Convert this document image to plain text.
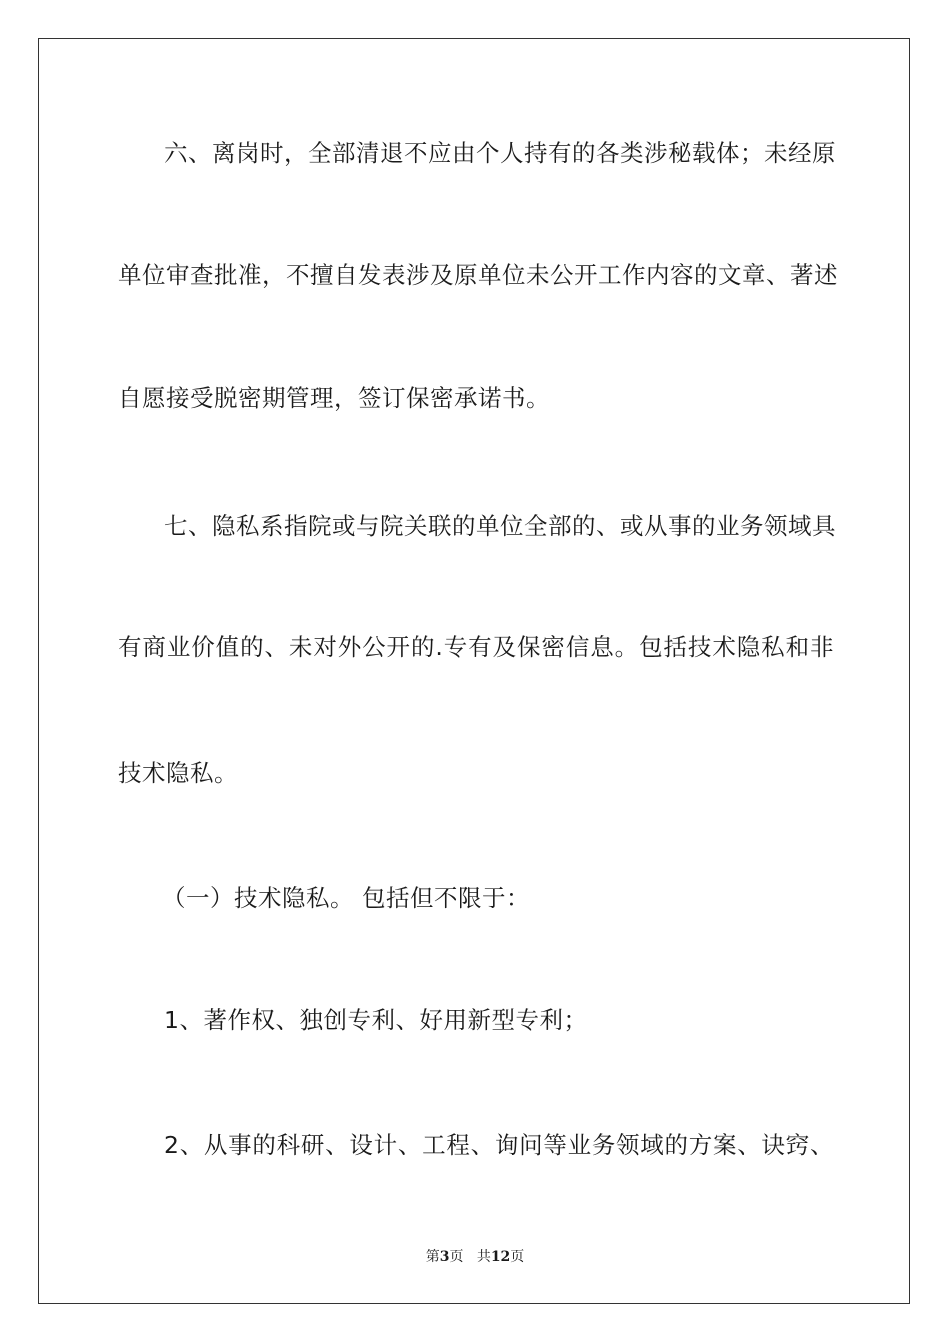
六、离岗时，全部清退不应由个人持有的各类涉秘载体；未经原
单位审查批准，不擅自发表涉及原单位未公开工作内容的文章、著述
自愿接受脱密期管理，签订保密承诺书。
七、隐私系指院或与院关联的单位全部的、或从事的业务领域具
有商业价值的、未对外公开的.专有及保密信息。包括技术隐私和非
技术隐私。
（一）技术隐私。 包括但不限于：
1、著作权、独创专利、好用新型专利；
2、从事的科研、设计、工程、询问等业务领域的方案、诀窍、
第3页 共12页
